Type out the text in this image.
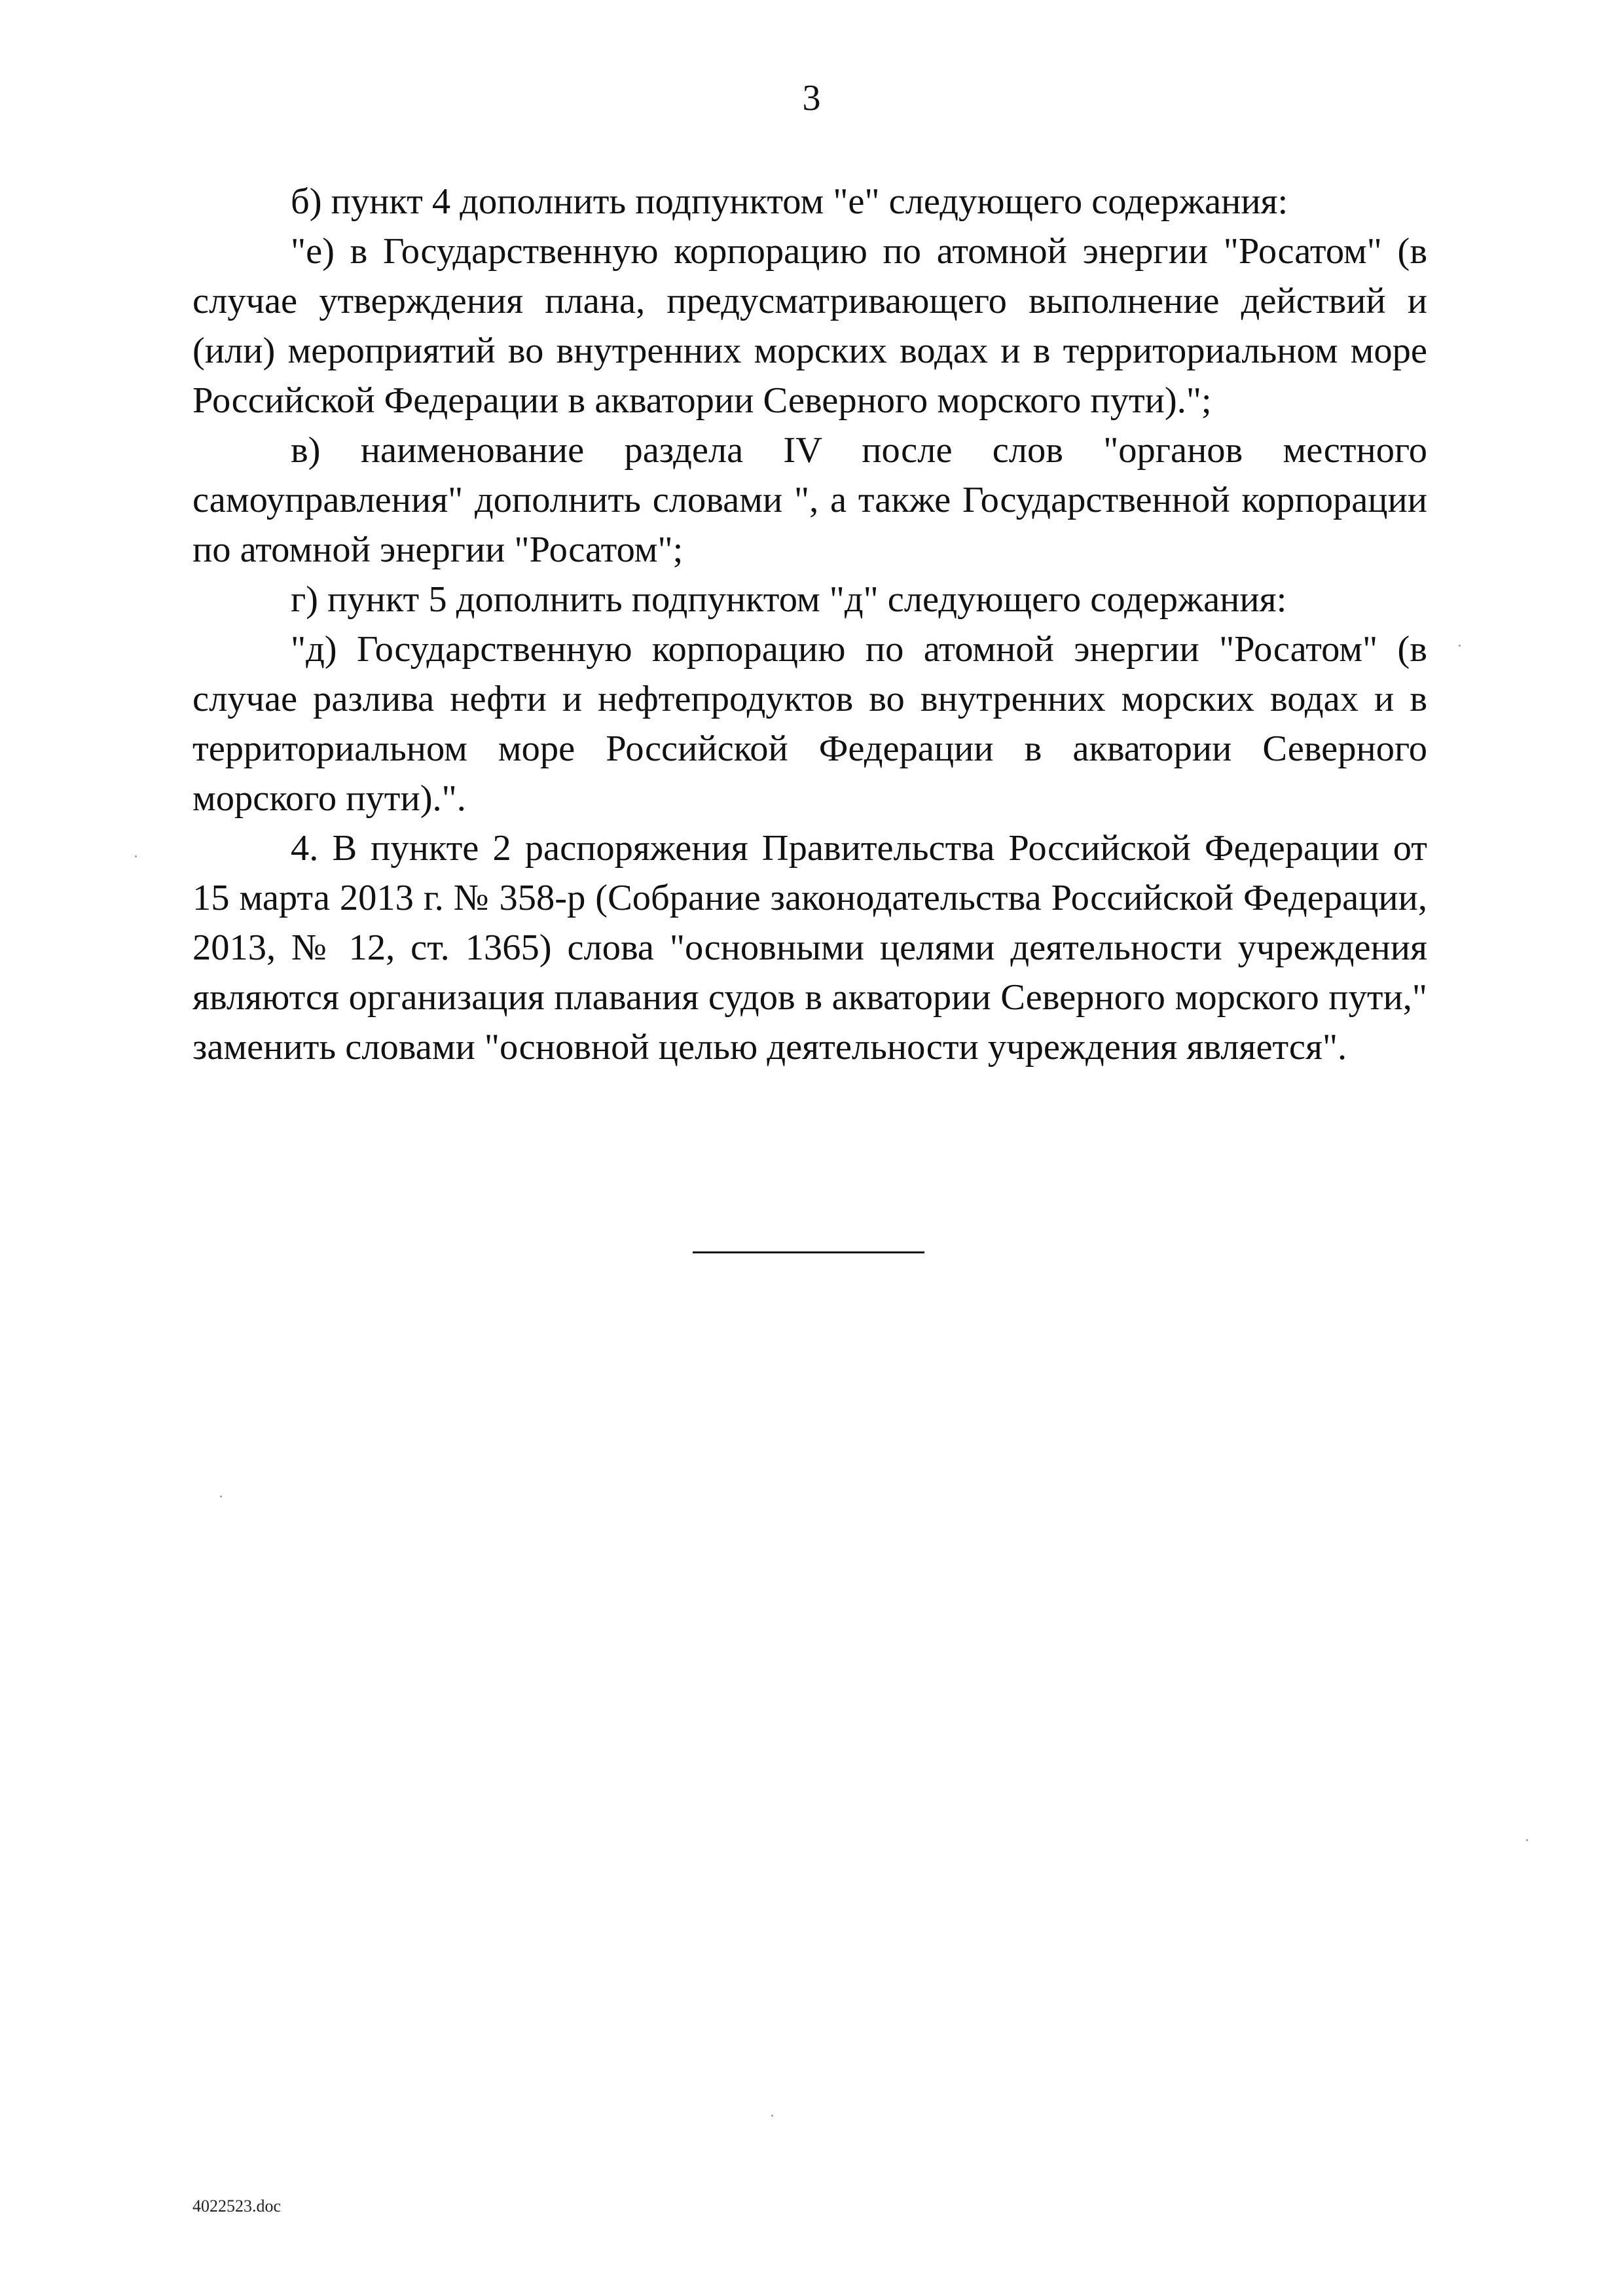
3

б) пункт 4 дополнить подпунктом "е" следующего содержания:

"е) в Государственную корпорацию по атомной энергии "Росатом" (в случае утверждения плана, предусматривающего выполнение действий и (или) мероприятий во внутренних морских водах и в территориальном море Российской Федерации в акватории Северного морского пути).";

в) наименование раздела IV после слов "органов местного самоуправления" дополнить словами ", а также Государственной корпорации по атомной энергии "Росатом";

г) пункт 5 дополнить подпунктом "д" следующего содержания:

"д) Государственную корпорацию по атомной энергии "Росатом" (в случае разлива нефти и нефтепродуктов во внутренних морских водах и в территориальном море Российской Федерации в акватории Северного морского пути).".

4. В пункте 2 распоряжения Правительства Российской Федерации от 15 марта 2013 г. № 358-р (Собрание законодательства Российской Федерации, 2013, № 12, ст. 1365) слова "основными целями деятельности учреждения являются организация плавания судов в акватории Северного морского пути," заменить словами "основной целью деятельности учреждения является".

4022523.doc
